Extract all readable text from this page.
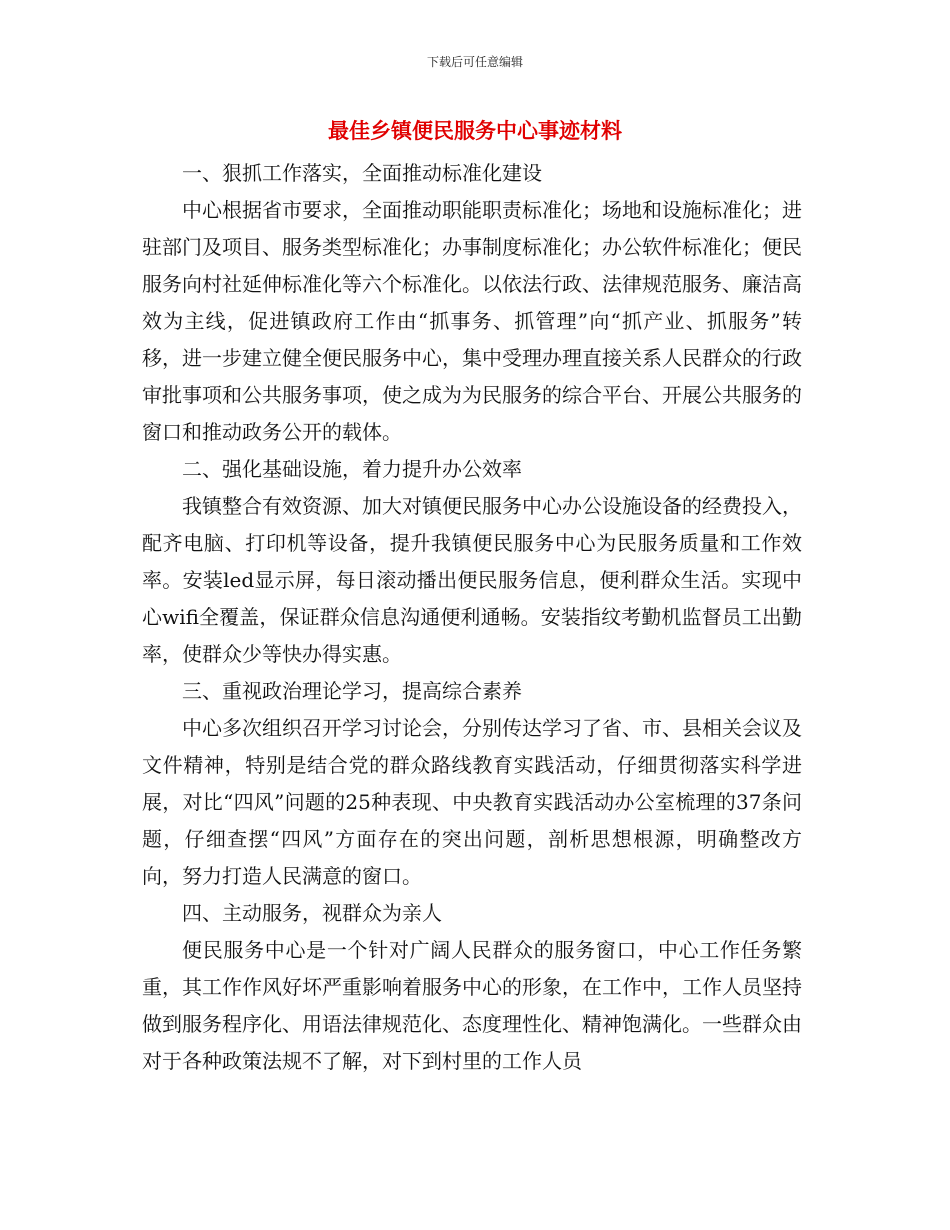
下载后可任意编辑
最佳乡镇便民服务中心事迹材料

一、狠抓工作落实，全面推动标准化建设

中心根据省市要求，全面推动职能职责标准化；场地和设施标准化；进驻部门及项目、服务类型标准化；办事制度标准化；办公软件标准化；便民服务向村社延伸标准化等六个标准化。以依法行政、法律规范服务、廉洁高效为主线，促进镇政府工作由“抓事务、抓管理”向“抓产业、抓服务”转移，进一步建立健全便民服务中心，集中受理办理直接关系人民群众的行政审批事项和公共服务事项，使之成为为民服务的综合平台、开展公共服务的窗口和推动政务公开的载体。

二、强化基础设施，着力提升办公效率

我镇整合有效资源、加大对镇便民服务中心办公设施设备的经费投入，配齐电脑、打印机等设备，提升我镇便民服务中心为民服务质量和工作效率。安装led显示屏，每日滚动播出便民服务信息，便利群众生活。实现中心wifi全覆盖，保证群众信息沟通便利通畅。安装指纹考勤机监督员工出勤率，使群众少等快办得实惠。

三、重视政治理论学习，提高综合素养

中心多次组织召开学习讨论会，分别传达学习了省、市、县相关会议及文件精神，特别是结合党的群众路线教育实践活动，仔细贯彻落实科学进展，对比“四风”问题的25种表现、中央教育实践活动办公室梳理的37条问题，仔细查摆“四风”方面存在的突出问题，剖析思想根源，明确整改方向，努力打造人民满意的窗口。

四、主动服务，视群众为亲人

便民服务中心是一个针对广阔人民群众的服务窗口，中心工作任务繁重，其工作作风好坏严重影响着服务中心的形象，在工作中，工作人员坚持做到服务程序化、用语法律规范化、态度理性化、精神饱满化。一些群众由对于各种政策法规不了解，对下到村里的工作人员
